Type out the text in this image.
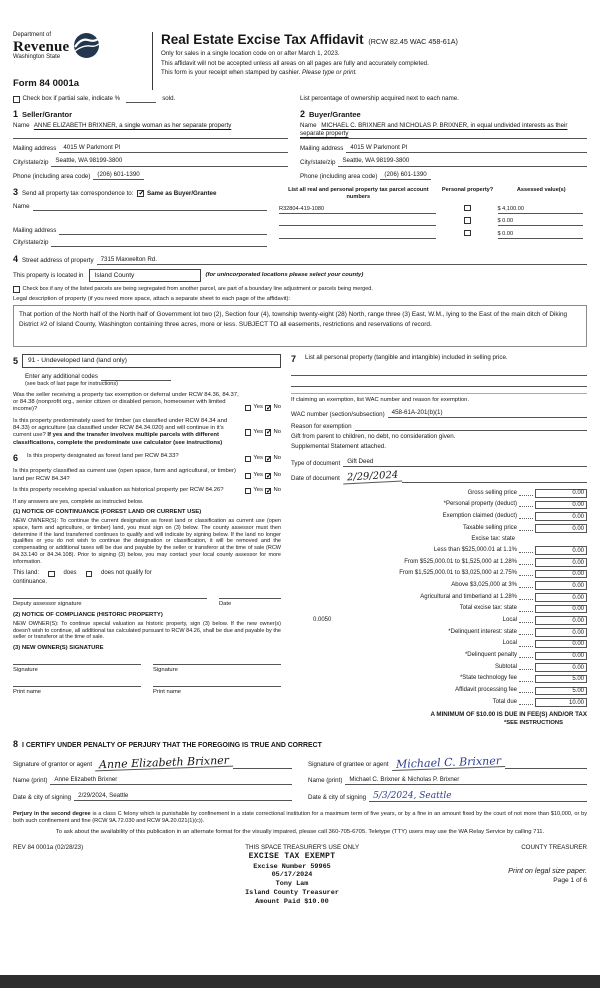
Department of
Revenue
Washington State
Form 84 0001a
Real Estate Excise Tax Affidavit (RCW 82.45 WAC 458-61A)
Only for sales in a single location code on or after March 1, 2023.
This affidavit will not be accepted unless all areas on all pages are fully and accurately completed.
This form is your receipt when stamped by cashier. Please type or print.
Check box if partial sale, indicate %	sold.	List percentage of ownership acquired next to each name.
1 Seller/Grantor
Name ANNE ELIZABETH BRIXNER, a single woman as her separate property
Mailing address	4015 W Parkmont Pl
City/state/zip	Seattle, WA 98199-3800
Phone (including area code)	(206) 601-1390
2 Buyer/Grantee
Name MICHAEL C. BRIXNER and NICHOLAS P. BRIXNER, in equal undivided interests as their separate property
Mailing address	4015 W Parkmont Pl
City/state/zip	Seattle, WA 98199-3800
Phone (including area code)	(206) 601-1390
3 Send all property tax correspondence to: ✓ Same as Buyer/Grantee
Name
Mailing address
City/state/zip
List all real and personal property tax parcel account numbers
Personal property?	Assessed value(s)
R32804-419-1080	$ 4,100.00
$ 0.00
$ 0.00
4 Street address of property	7315 Maxwelton Rd.
This property is located in	Island County	(for unincorporated locations please select your county)
Check box if any of the listed parcels are being segregated from another parcel, are part of a boundary line adjustment or parcels being merged.
Legal description of property (if you need more space, attach a separate sheet to each page of the affidavit):
That portion of the North half of the North half of Government lot two (2), Section four (4), township twenty-eight (28) North, range three (3) East, W.M., lying to the East of the main ditch of Diking District #2 of Island County, Washington containing three acres, more or less. SUBJECT TO all easements, restrictions and reservations of record.
5	91 - Undeveloped land (land only)
Enter any additional codes
(see back of last page for instructions)
Was the seller receiving a property tax exemption or deferral under RCW 84.36, 84.37, or 84.38 (nonprofit org., senior citizen or disabled person, homeowner with limited income)?	Yes ✓ No
Is this property predominately used for timber (as classified under RCW 84.34 and 84.33) or agriculture (as classified under RCW 84.34.020) and will continue in it's current use? If yes and the transfer involves multiple parcels with different classifications, complete the predominate use calculator (see instructions)
Yes ✓ No
6 Is this property designated as forest land per RCW 84.33?	Yes ✓ No
Is this property classified as current use (open space, farm and agricultural, or timber) land per RCW 84.34?
Yes ✓ No
Is this property receiving special valuation as historical property per RCW 84.26?	Yes ✓ No
If any answers are yes, complete as instructed below.
(1) NOTICE OF CONTINUANCE (FOREST LAND OR CURRENT USE)
NEW OWNER(S): To continue the current designation as forest land or classification as current use (open space, farm and agriculture, or timber) land, you must sign on (3) below. The county assessor must then determine if the land transferred continues to qualify and will indicate by signing below. If the land no longer qualifies or you do not wish to continue the designation or classification, it will be removed and the compensating or additional taxes will be due and payable by the seller or transferor at the time of sale (RCW 84.33.140 or 84.34.108). Prior to signing (3) below, you may contact your local county assessor for more information.
This land:	does	does not qualify for
continuance.
Deputy assessor signature	Date
(2) NOTICE OF COMPLIANCE (HISTORIC PROPERTY)
NEW OWNER(S): To continue special valuation as historic property, sign (3) below. If the new owner(s) doesn't wish to continue, all additional tax calculated pursuant to RCW 84.26, shall be due and payable by the seller or transferor at the time of sale.
(3) NEW OWNER(S) SIGNATURE
Signature	Signature
Print name	Print name
7 List all personal property (tangible and intangible) included in selling price.
If claiming an exemption, list WAC number and reason for exemption.
WAC number (section/subsection)	458-61A-201(b)(1)
Reason for exemption
Gift from parent to children, no debt, no consideration given.
Supplemental Statement attached.
Type of document	Gift Deed
Date of document 2/29/2024
Gross selling price	0.00
*Personal property (deduct)	0.00
Exemption claimed (deduct)	0.00
Taxable selling price	0.00
Excise tax: state
Less than $525,000.01 at 1.1%	0.00
From $525,000.01 to $1,525,000 at 1.28%	0.00
From $1,525,000.01 to $3,025,000 at 2.75%	0.00
Above $3,025,000 at 3%	0.00
Agricultural and timberland at 1.28%	0.00
Total excise tax: state	0.00
0.0050	Local	0.00
*Delinquent interest: state	0.00
Local	0.00
*Delinquent penalty	0.00
Subtotal	0.00
*State technology fee	5.00
Affidavit processing fee	5.00
Total due	10.00
A MINIMUM OF $10.00 IS DUE IN FEE(S) AND/OR TAX
*SEE INSTRUCTIONS
EXCISE TAX EXEMPT
Excise Number 59965
05/17/2024
Tony Lam
Island County Treasurer
Amount Paid $10.00
8 I CERTIFY UNDER PENALTY OF PERJURY THAT THE FOREGOING IS TRUE AND CORRECT
Signature of grantor or agent Anne Elizabeth Brixner
Name (print)	Anne Elizabeth Brixner
Date & city of signing	2/29/2024, Seattle
Signature of grantee or agent Michael C. Brixner
Name (print)	Michael C. Brixner & Nicholas P. Brixner
Date & city of signing 5/3/2024, Seattle
Perjury in the second degree is a class C felony which is punishable by confinement in a state correctional institution for a maximum term of five years, or by a fine in an amount fixed by the court of not more than $10,000, or by both such confinement and fine (RCW 9A.72.030 and RCW 9A.20.021(1)(c)).
To ask about the availability of this publication in an alternate format for the visually impaired, please call 360-705-6705. Teletype (TTY) users may use the WA Relay Service by calling 711.
REV 84 0001a (02/28/23)	THIS SPACE TREASURER'S USE ONLY	COUNTY TREASURER
Print on legal size paper.
Page 1 of 6
